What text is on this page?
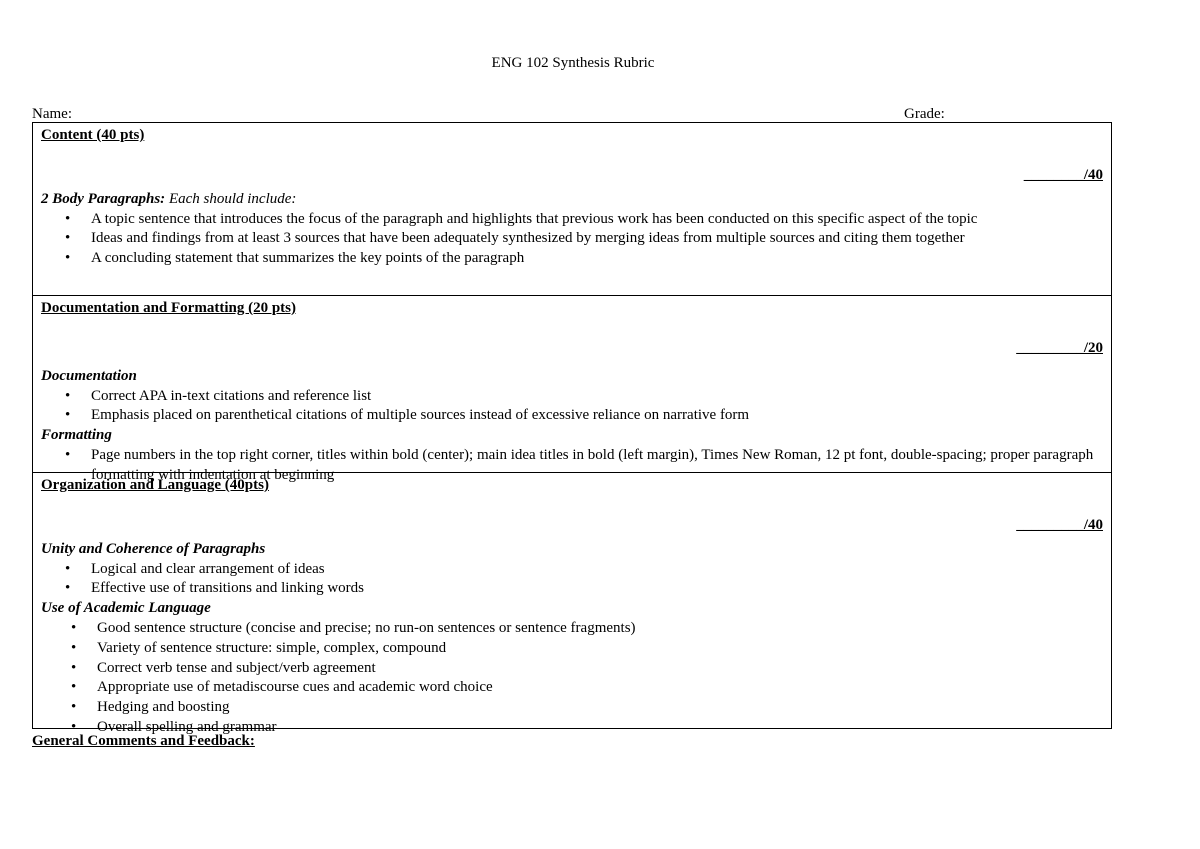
ENG 102 Synthesis Rubric
Name:	Grade:
Content (40 pts)
________/40
2 Body Paragraphs: Each should include:
• A topic sentence that introduces the focus of the paragraph and highlights that previous work has been conducted on this specific aspect of the topic
• Ideas and findings from at least 3 sources that have been adequately synthesized by merging ideas from multiple sources and citing them together
• A concluding statement that summarizes the key points of the paragraph
Documentation and Formatting (20 pts)
_________/20
Documentation
• Correct APA in-text citations and reference list
• Emphasis placed on parenthetical citations of multiple sources instead of excessive reliance on narrative form
Formatting
• Page numbers in the top right corner, titles within bold (center); main idea titles in bold (left margin), Times New Roman, 12 pt font, double-spacing; proper paragraph formatting with indentation at beginning
Organization and Language (40pts)
_________/40
Unity and Coherence of Paragraphs
• Logical and clear arrangement of ideas
• Effective use of transitions and linking words
Use of Academic Language
• Good sentence structure (concise and precise; no run-on sentences or sentence fragments)
• Variety of sentence structure: simple, complex, compound
• Correct verb tense and subject/verb agreement
• Appropriate use of metadiscourse cues and academic word choice
• Hedging and boosting
• Overall spelling and grammar
General Comments and Feedback:
